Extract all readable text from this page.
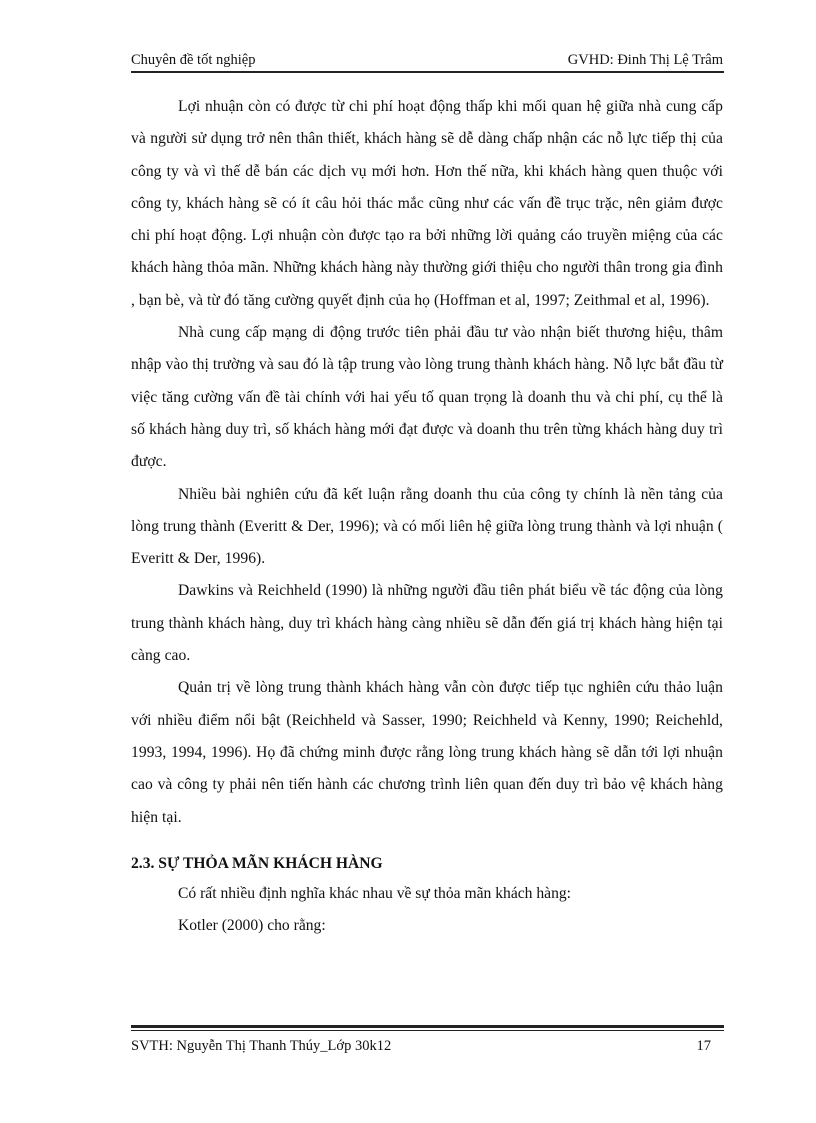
Chuyên đề tốt nghiệp	GVHD: Đinh Thị Lệ Trâm

Lợi nhuận còn có được từ chi phí hoạt động thấp khi mối quan hệ giữa nhà cung cấp và người sử dụng trở nên thân thiết, khách hàng sẽ dễ dàng chấp nhận các nỗ lực tiếp thị của công ty và vì thế dễ bán các dịch vụ mới hơn. Hơn thế nữa, khi khách hàng quen thuộc với công ty, khách hàng sẽ có ít câu hỏi thác mắc cũng như các vấn đề trục trặc, nên giảm được chi phí hoạt động. Lợi nhuận còn được tạo ra bởi những lời quảng cáo truyền miệng của các khách hàng thỏa mãn. Những khách hàng này thường giới thiệu cho người thân trong gia đình , bạn bè, và từ đó tăng cường quyết định của họ (Hoffman et al, 1997; Zeithmal et al, 1996).

Nhà cung cấp mạng di động trước tiên phải đầu tư vào nhận biết thương hiệu, thâm nhập vào thị trường và sau đó là tập trung vào lòng trung thành khách hàng. Nỗ lực bắt đầu từ việc tăng cường vấn đề tài chính với hai yếu tố quan trọng là doanh thu và chi phí, cụ thể là số khách hàng duy trì, số khách hàng mới đạt được và doanh thu trên từng khách hàng duy trì được.

Nhiều bài nghiên cứu đã kết luận rằng doanh thu của công ty chính là nền tảng của lòng trung thành (Everitt & Der, 1996); và có mối liên hệ giữa lòng trung thành và lợi nhuận ( Everitt & Der, 1996).

Dawkins và Reichheld (1990) là những người đầu tiên phát biểu về tác động của lòng trung thành khách hàng, duy trì khách hàng càng nhiều sẽ dẫn đến giá trị khách hàng hiện tại càng cao.

Quản trị về lòng trung thành khách hàng vẫn còn được tiếp tục nghiên cứu thảo luận với nhiều điểm nổi bật (Reichheld và Sasser, 1990; Reichheld và Kenny, 1990; Reichehld, 1993, 1994, 1996). Họ đã chứng minh được rằng lòng trung khách hàng sẽ dẫn tới lợi nhuận cao và công ty phải nên tiến hành các chương trình liên quan đến duy trì bảo vệ khách hàng hiện tại.

2.3. SỰ THỎA MÃN KHÁCH HÀNG

Có rất nhiều định nghĩa khác nhau về sự thỏa mãn khách hàng:

Kotler (2000) cho rằng:

SVTH: Nguyễn Thị Thanh Thúy_Lớp 30k12	17
